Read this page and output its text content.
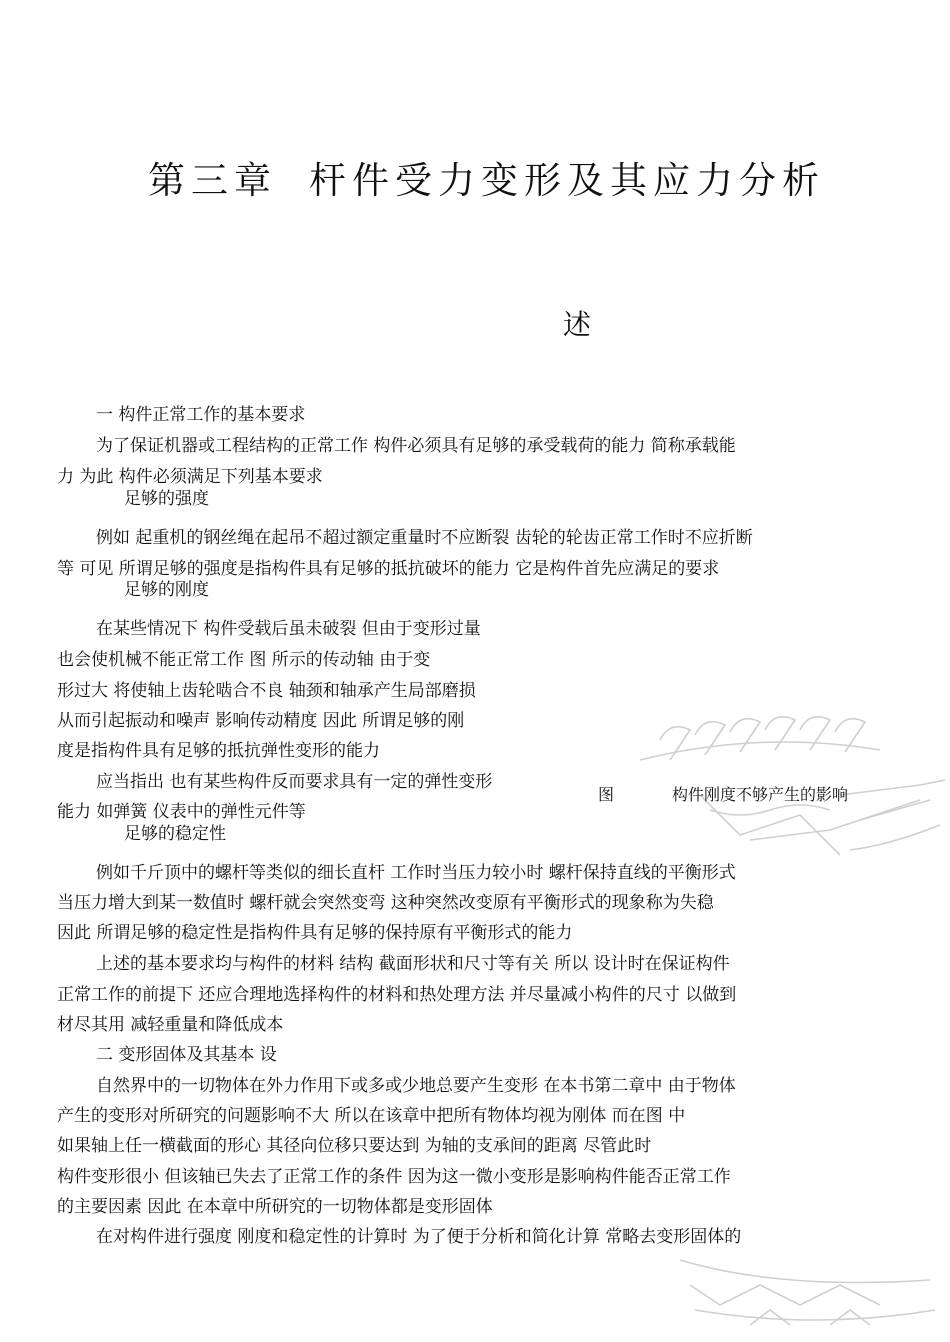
第三章 杆件受力变形及其应力分析
述
一 构件正常工作的基本要求
为了保证机器或工程结构的正常工作 构件必须具有足够的承受载荷的能力 简称承载能
力 为此 构件必须满足下列基本要求
足够的强度
例如 起重机的钢丝绳在起吊不超过额定重量时不应断裂 齿轮的轮齿正常工作时不应折断
等 可见 所谓足够的强度是指构件具有足够的抵抗破坏的能力 它是构件首先应满足的要求
足够的刚度
在某些情况下 构件受载后虽未破裂 但由于变形过量
也会使机械不能正常工作 图 所示的传动轴 由于变
形过大 将使轴上齿轮啮合不良 轴颈和轴承产生局部磨损
从而引起振动和噪声 影响传动精度 因此 所谓足够的刚
度是指构件具有足够的抵抗弹性变形的能力
应当指出 也有某些构件反而要求具有一定的弹性变形
能力 如弹簧 仪表中的弹性元件等
足够的稳定性
例如千斤顶中的螺杆等类似的细长直杆 工作时当压力较小时 螺杆保持直线的平衡形式
当压力增大到某一数值时 螺杆就会突然变弯 这种突然改变原有平衡形式的现象称为失稳
因此 所谓足够的稳定性是指构件具有足够的保持原有平衡形式的能力
上述的基本要求均与构件的材料 结构 截面形状和尺寸等有关 所以 设计时在保证构件
正常工作的前提下 还应合理地选择构件的材料和热处理方法 并尽量减小构件的尺寸 以做到
材尽其用 减轻重量和降低成本
二 变形固体及其基本 设
自然界中的一切物体在外力作用下或多或少地总要产生变形 在本书第二章中 由于物体
产生的变形对所研究的问题影响不大 所以在该章中把所有物体均视为刚体 而在图 中
如果轴上任一横截面的形心 其径向位移只要达到 为轴的支承间的距离 尽管此时
构件变形很小 但该轴已失去了正常工作的条件 因为这一微小变形是影响构件能否正常工作
的主要因素 因此 在本章中所研究的一切物体都是变形固体
在对构件进行强度 刚度和稳定性的计算时 为了便于分析和简化计算 常略去变形固体的
图	构件刚度不够产生的影响
